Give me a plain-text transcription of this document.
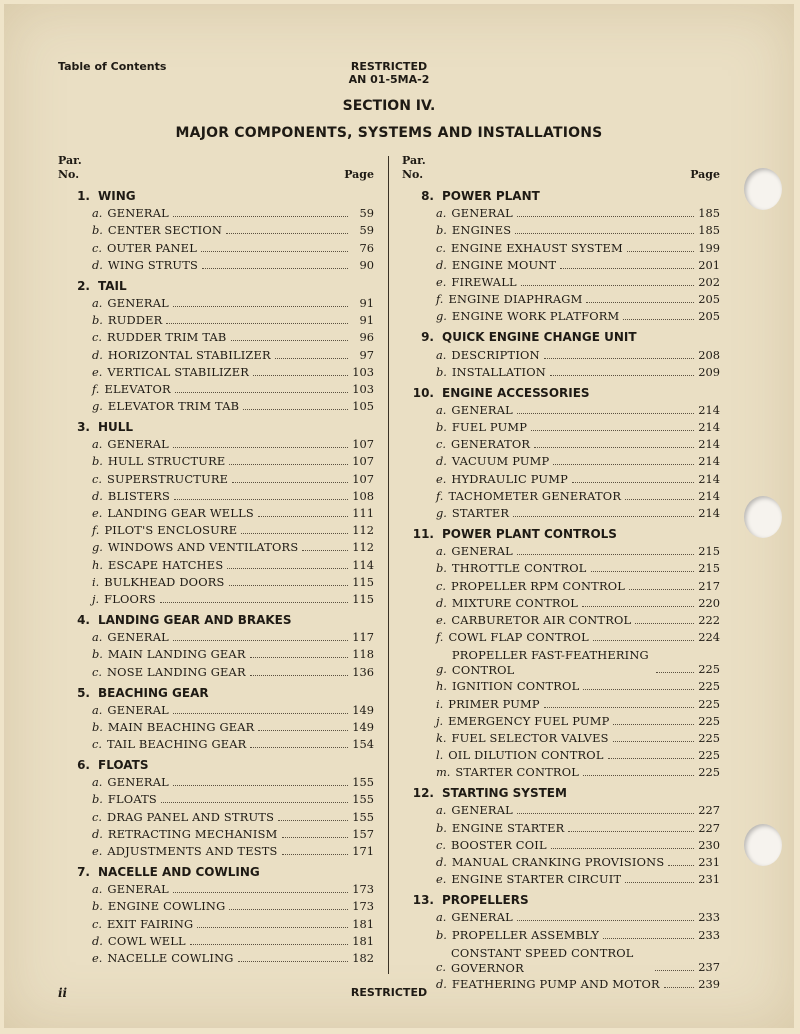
Table of Contents	RESTRICTED
AN 01-5MA-2
SECTION IV.
MAJOR COMPONENTS, SYSTEMS AND INSTALLATIONS
Par.
No.	Page
1. WING
a. GENERAL	59
b. CENTER SECTION	59
c. OUTER PANEL	76
d. WING STRUTS	90
2. TAIL
a. GENERAL	91
b. RUDDER	91
c. RUDDER TRIM TAB	96
d. HORIZONTAL STABILIZER	97
e. VERTICAL STABILIZER	103
f. ELEVATOR	103
g. ELEVATOR TRIM TAB	105
3. HULL
a. GENERAL	107
b. HULL STRUCTURE	107
c. SUPERSTRUCTURE	107
d. BLISTERS	108
e. LANDING GEAR WELLS	111
f. PILOT'S ENCLOSURE	112
g. WINDOWS AND VENTILATORS	112
h. ESCAPE HATCHES	114
i. BULKHEAD DOORS	115
j. FLOORS	115
4. LANDING GEAR AND BRAKES
a. GENERAL	117
b. MAIN LANDING GEAR	118
c. NOSE LANDING GEAR	136
5. BEACHING GEAR
a. GENERAL	149
b. MAIN BEACHING GEAR	149
c. TAIL BEACHING GEAR	154
6. FLOATS
a. GENERAL	155
b. FLOATS	155
c. DRAG PANEL AND STRUTS	155
d. RETRACTING MECHANISM	157
e. ADJUSTMENTS AND TESTS	171
7. NACELLE AND COWLING
a. GENERAL	173
b. ENGINE COWLING	173
c. EXIT FAIRING	181
d. COWL WELL	181
e. NACELLE COWLING	182
Par.
No.	Page
8. POWER PLANT
a. GENERAL	185
b. ENGINES	185
c. ENGINE EXHAUST SYSTEM	199
d. ENGINE MOUNT	201
e. FIREWALL	202
f. ENGINE DIAPHRAGM	205
g. ENGINE WORK PLATFORM	205
9. QUICK ENGINE CHANGE UNIT
a. DESCRIPTION	208
b. INSTALLATION	209
10. ENGINE ACCESSORIES
a. GENERAL	214
b. FUEL PUMP	214
c. GENERATOR	214
d. VACUUM PUMP	214
e. HYDRAULIC PUMP	214
f. TACHOMETER GENERATOR	214
g. STARTER	214
11. POWER PLANT CONTROLS
a. GENERAL	215
b. THROTTLE CONTROL	215
c. PROPELLER RPM CONTROL	217
d. MIXTURE CONTROL	220
e. CARBURETOR AIR CONTROL	222
f. COWL FLAP CONTROL	224
g.
PROPELLER FAST-FEATHERING CONTROL	225
h. IGNITION CONTROL	225
i. PRIMER PUMP	225
j. EMERGENCY FUEL PUMP	225
k. FUEL SELECTOR VALVES	225
l. OIL DILUTION CONTROL	225
m. STARTER CONTROL	225
12. STARTING SYSTEM
a. GENERAL	227
b. ENGINE STARTER	227
c. BOOSTER COIL	230
d. MANUAL CRANKING PROVISIONS	231
e. ENGINE STARTER CIRCUIT	231
13. PROPELLERS
a. GENERAL	233
b. PROPELLER ASSEMBLY	233
c.
CONSTANT SPEED CONTROL GOVERNOR	237
d. FEATHERING PUMP AND MOTOR	239
ii	RESTRICTED
